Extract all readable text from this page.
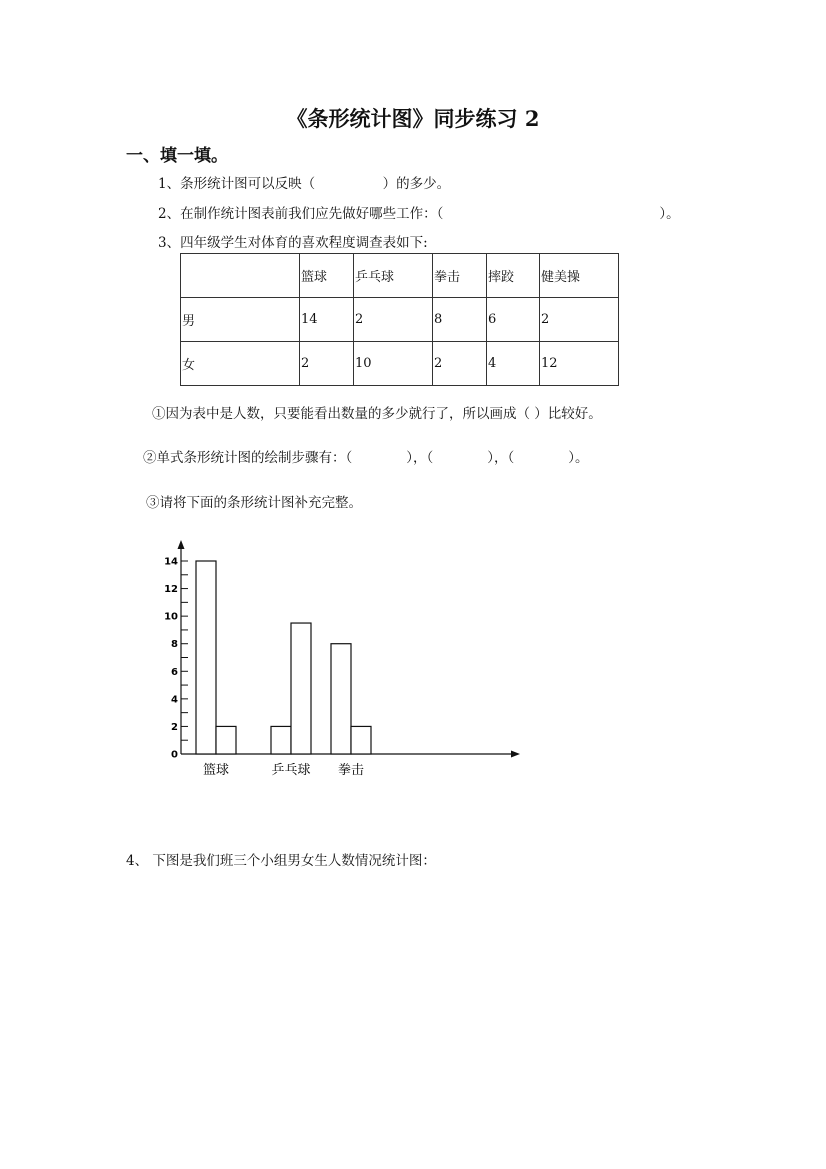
《条形统计图》同步练习 2
一、填一填。
1、条形统计图可以反映（　　　　　）的多少。
2、在制作统计图表前我们应先做好哪些工作：（　　　　　　　　　　　　　　　　）。
3、四年级学生对体育的喜欢程度调查表如下:
	篮球	乒乓球	拳击	摔跤	健美操
男	14	2	8	6	2
女	2	10	2	4	12
①因为表中是人数，只要能看出数量的多少就行了，所以画成（ ）比较好。
②单式条形统计图的绘制步骤有：（　　　　），（　　　　），（　　　　）。
③请将下面的条形统计图补充完整。
0
2
4
6
8
10
12
14
篮球	乒乓球 拳击
4、 下图是我们班三个小组男女生人数情况统计图：
